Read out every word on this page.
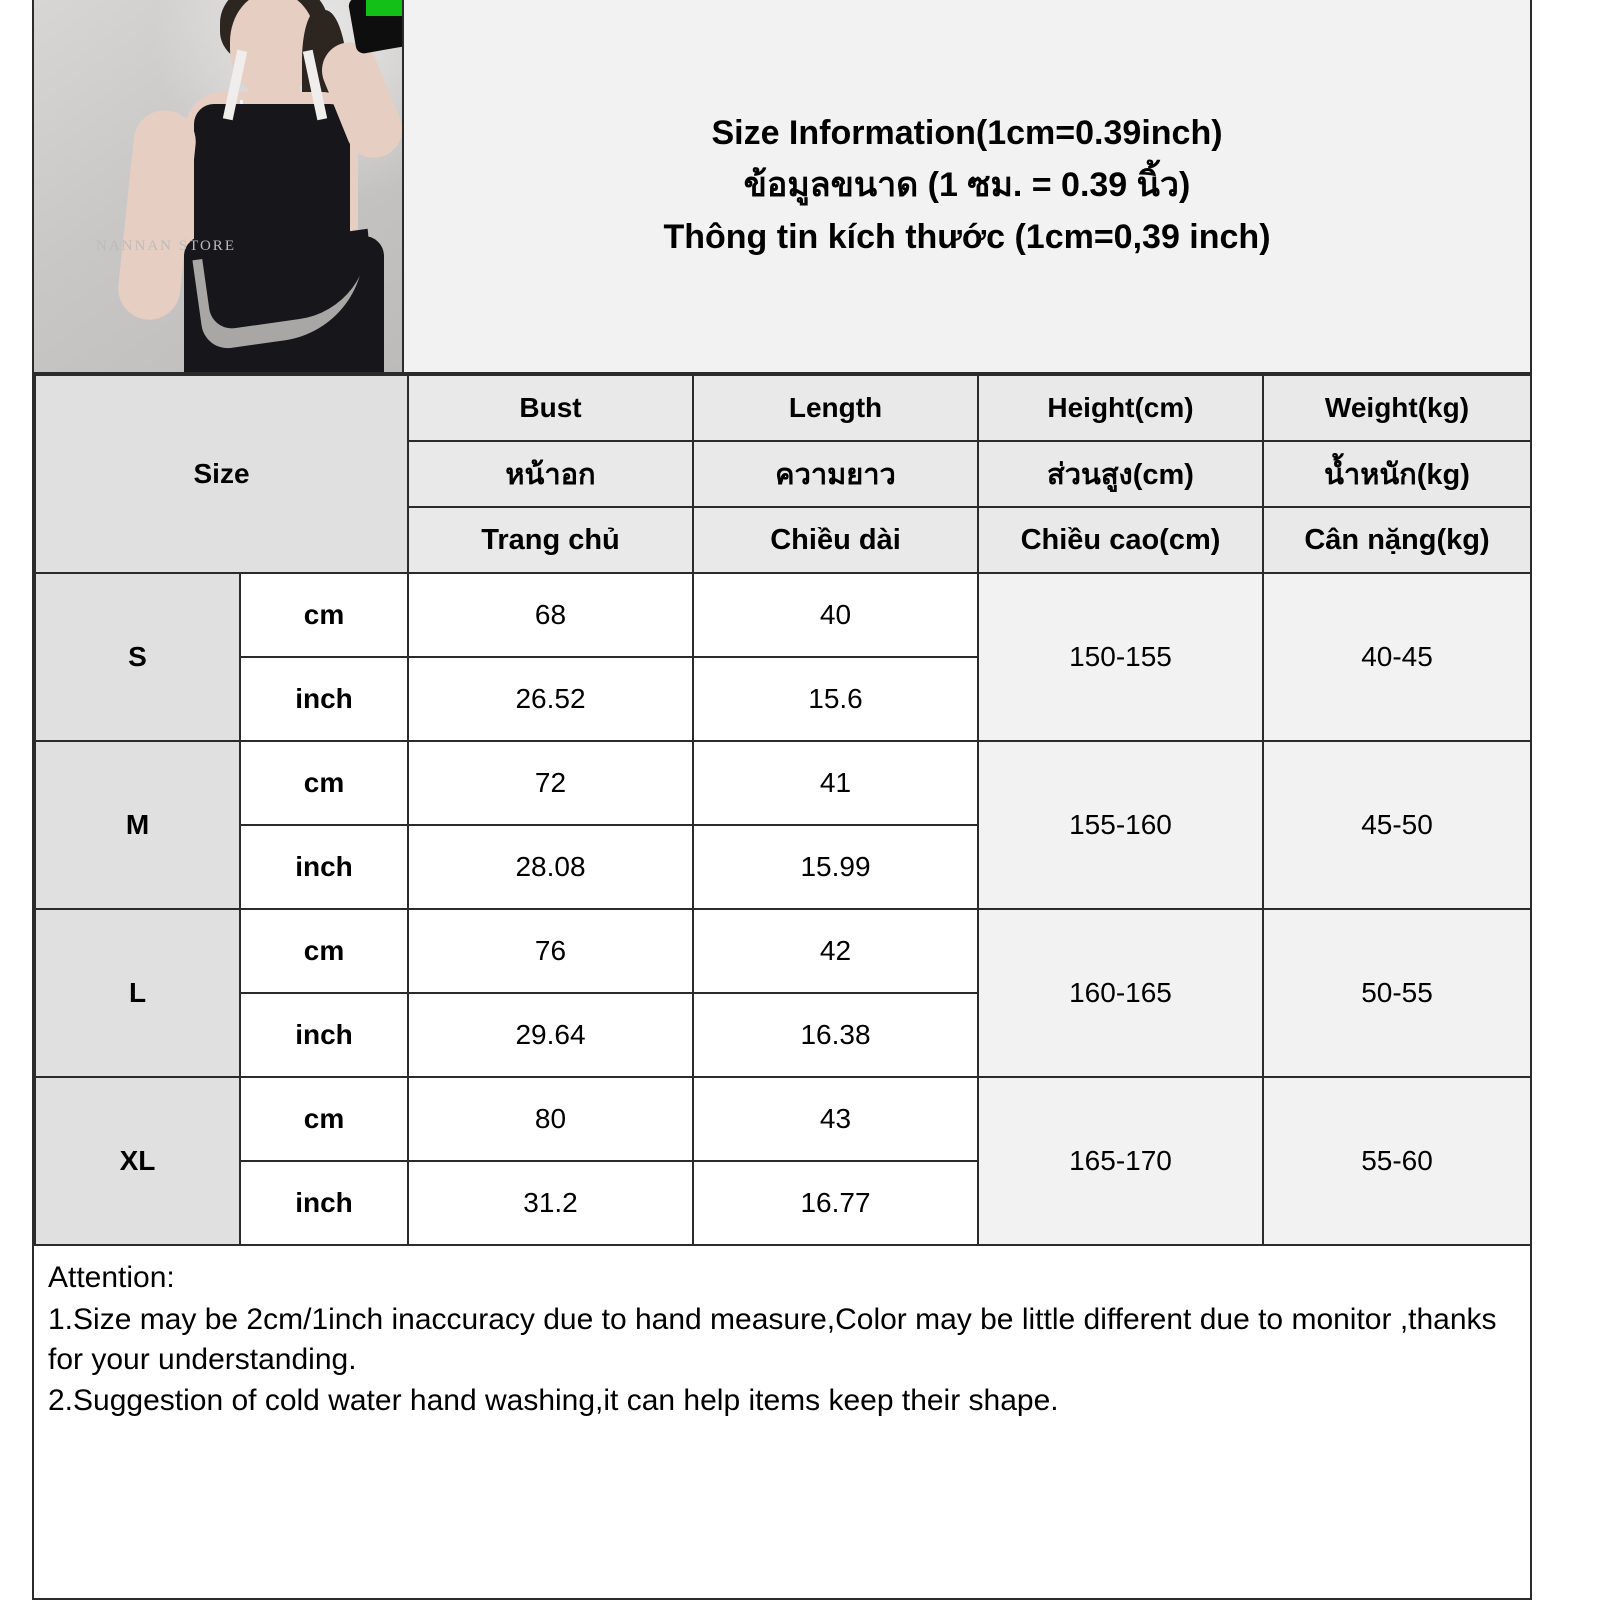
NANNAN STORE
Size Information(1cm=0.39inch)
ข้อมูลขนาด (1 ซม. = 0.39 นิ้ว)
Thông tin kích thước (1cm=0,39 inch)
Size		Bust	Length	Height(cm)	Weight(kg)
		หน้าอก	ความยาว	ส่วนสูง(cm)	น้ำหนัก(kg)
		Trang chủ	Chiều dài	Chiều cao(cm)	Cân nặng(kg)
S	cm	68	40	150-155	40-45
	inch	26.52	15.6		
M	cm	72	41	155-160	45-50
	inch	28.08	15.99		
L	cm	76	42	160-165	50-55
	inch	29.64	16.38		
XL	cm	80	43	165-170	55-60
	inch	31.2	16.77		
Attention:
1.Size may be 2cm/1inch inaccuracy due to hand measure,Color may be little different due to monitor ,thanks for your understanding.
2.Suggestion of cold water hand washing,it can help items keep their shape.
